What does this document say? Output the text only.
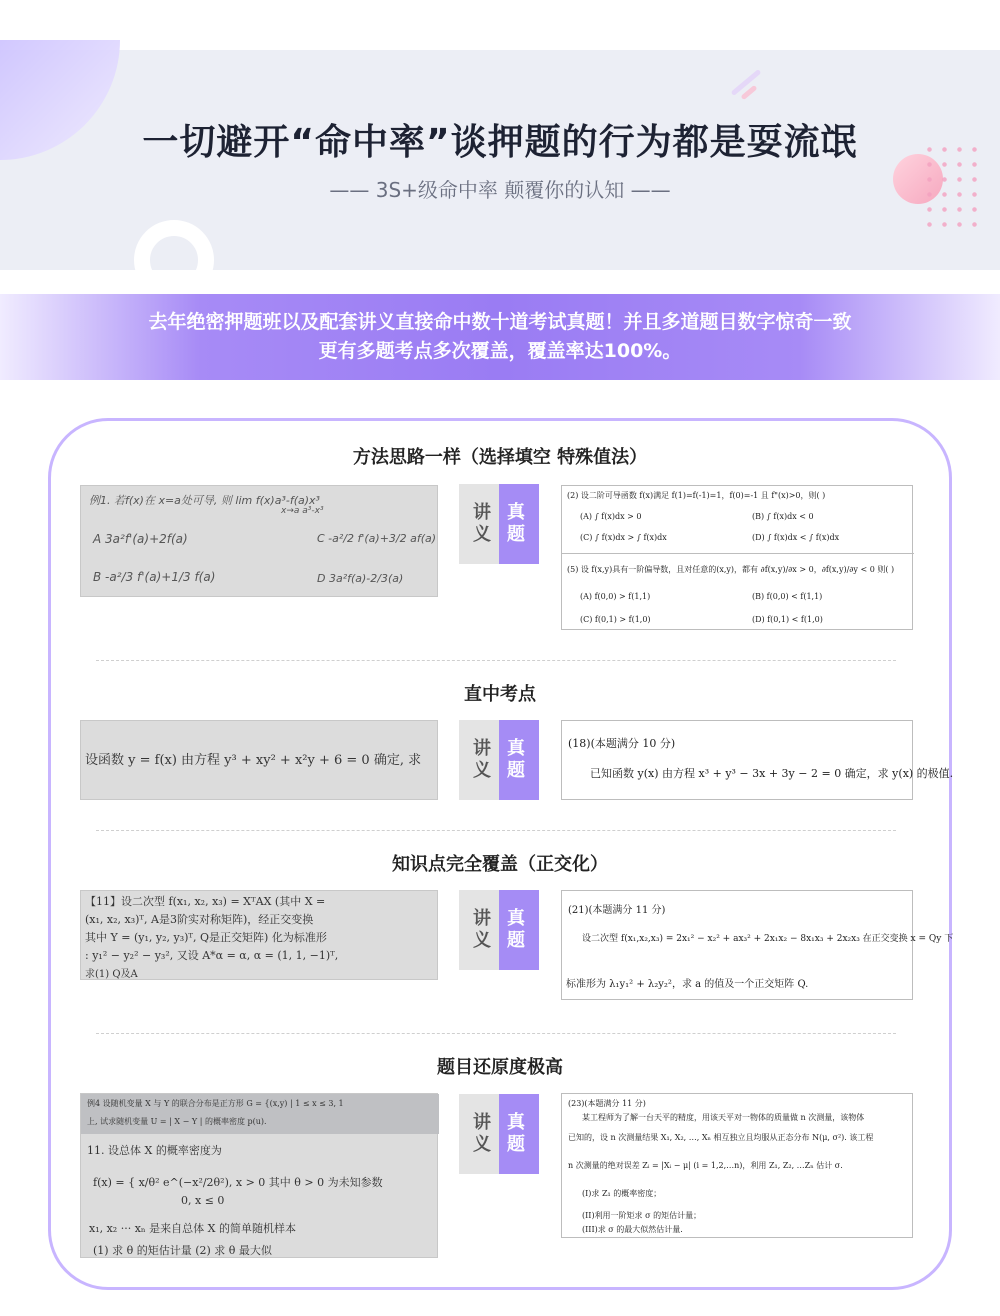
一切避开“命中率”谈押题的行为都是耍流氓
—— 3S+级命中率 颠覆你的认知 ——
去年绝密押题班以及配套讲义直接命中数十道考试真题！并且多道题目数字惊奇一致
更有多题考点多次覆盖，覆盖率达100%。
方法思路一样（选择填空 特殊值法）
例1. 若f(x)在 x=a处可导, 则 lim f(x)a³-f(a)x³
x→a a³-x³
A 3a²f'(a)+2f(a)	C -a²/2 f'(a)+3/2 af(a)
B -a²/3 f'(a)+1/3 f(a)	D 3a²f(a)-2/3(a)
讲
义
真
题
(2) 设二阶可导函数 f(x)满足 f(1)=f(-1)=1，f(0)=-1 且 f"(x)>0，则( )
(A) ∫ f(x)dx > 0	(B) ∫ f(x)dx < 0
(C) ∫ f(x)dx > ∫ f(x)dx	(D) ∫ f(x)dx < ∫ f(x)dx
(5) 设 f(x,y)具有一阶偏导数，且对任意的(x,y)，都有 ∂f(x,y)/∂x > 0，∂f(x,y)/∂y < 0 则( )
(A) f(0,0) > f(1,1)	(B) f(0,0) < f(1,1)
(C) f(0,1) > f(1,0)	(D) f(0,1) < f(1,0)
直中考点
设函数 y = f(x) 由方程 y³ + xy² + x²y + 6 = 0 确定, 求
讲
义
真
题
(18)(本题满分 10 分)
已知函数 y(x) 由方程 x³ + y³ − 3x + 3y − 2 = 0 确定，求 y(x) 的极值.
知识点完全覆盖（正交化）
【11】设二次型 f(x₁, x₂, x₃) = XᵀAX (其中 X =
(x₁, x₂, x₃)ᵀ, A是3阶实对称矩阵)，经正交变换
其中 Y = (y₁, y₂, y₃)ᵀ, Q是正交矩阵) 化为标准形
: y₁² − y₂² − y₃², 又设 A*α = α, α = (1, 1, −1)ᵀ,
求(1) Q及A
讲
义
真
题
(21)(本题满分 11 分)
设二次型 f(x₁,x₂,x₃) = 2x₁² − x₂² + ax₃² + 2x₁x₂ − 8x₁x₃ + 2x₂x₃ 在正交变换 x = Qy 下
标准形为 λ₁y₁² + λ₂y₂²，求 a 的值及一个正交矩阵 Q.
题目还原度极高
例4 设随机变量 X 与 Y 的联合分布是正方形 G = {(x,y) | 1 ≤ x ≤ 3, 1
上, 试求随机变量 U = | X − Y | 的概率密度 p(u).
11. 设总体 X 的概率密度为
f(x) = { x/θ² e^(−x²/2θ²), x > 0 其中 θ > 0 为未知参数
0, x ≤ 0
x₁, x₂ ··· xₙ 是来自总体 X 的简单随机样本
(1) 求 θ 的矩估计量 (2) 求 θ 最大似
讲
义
真
题
(23)(本题满分 11 分)
某工程师为了解一台天平的精度，用该天平对一物体的质量做 n 次测量，该物体
已知的，设 n 次测量结果 X₁, X₂, …, Xₙ 相互独立且均服从正态分布 N(μ, σ²). 该工程
n 次测量的绝对误差 Zᵢ = |Xᵢ − μ| (i = 1,2,…n)，利用 Z₁, Z₂, …Zₙ 估计 σ.
(I)求 Z₁ 的概率密度；
(II)利用一阶矩求 σ 的矩估计量；
(III)求 σ 的最大似然估计量.
